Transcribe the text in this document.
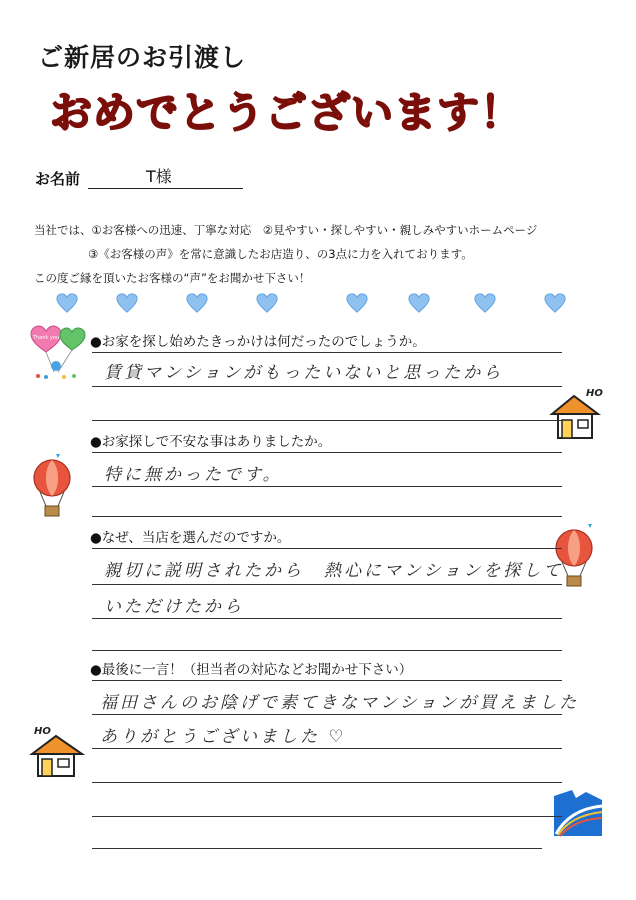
ご新居のお引渡し
おめでとうございます！
お名前	T様
当社では、①お客様への迅速、丁寧な対応　②見やすい・探しやすい・親しみやすいホームページ
③《お客様の声》を常に意識したお店造り、の3点に力を入れております。
この度ご縁を頂いたお客様の“声”をお聞かせ下さい！
Thank you
HO
HO
●お家を探し始めたきっかけは何だったのでしょうか。
賃貸マンションがもったいないと思ったから
●お家探しで不安な事はありましたか。
特に無かったです。
●なぜ、当店を選んだのですか。
親切に説明されたから　熱心にマンションを探して
いただけたから
●最後に一言！（担当者の対応などお聞かせ下さい）
福田さんのお陰げで素てきなマンションが買えました
ありがとうございました ♡
